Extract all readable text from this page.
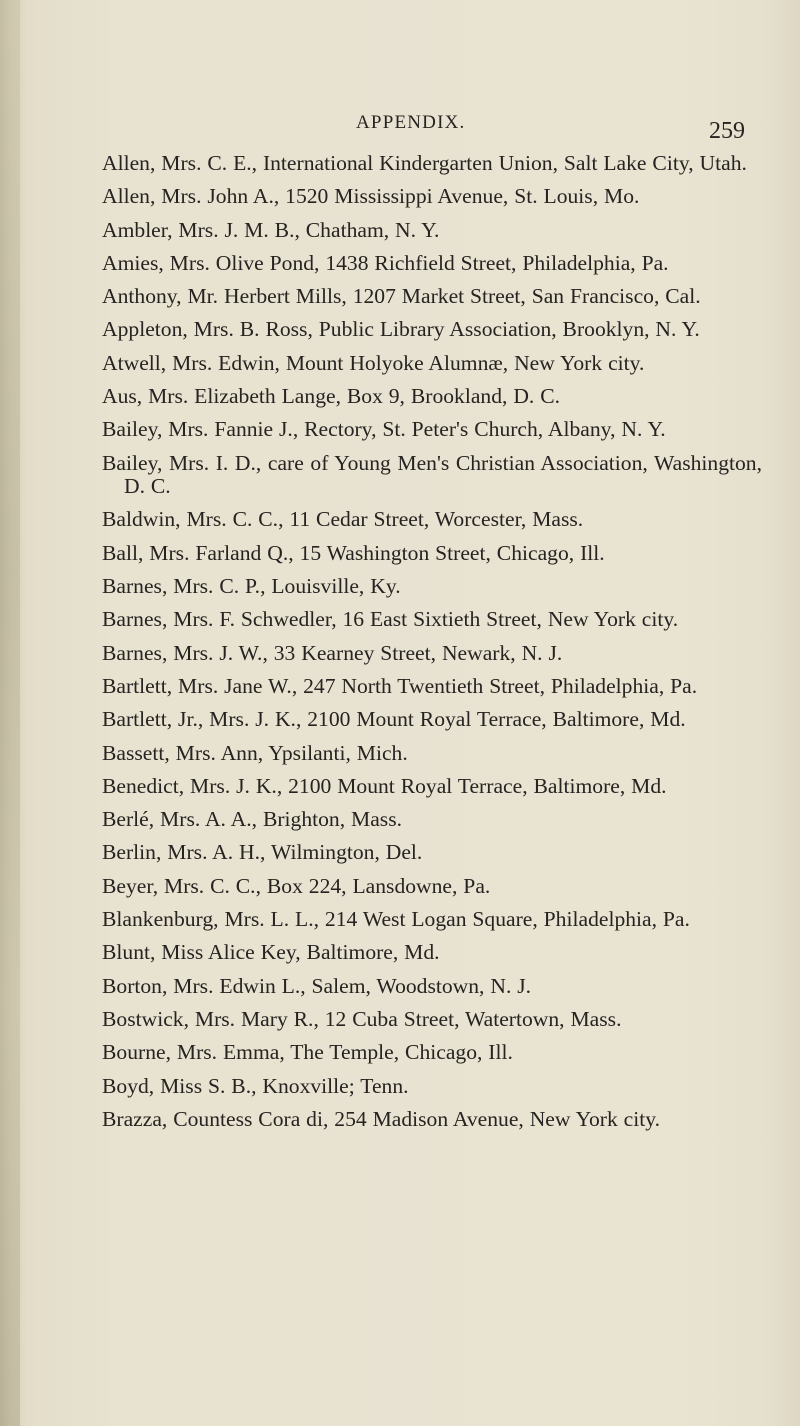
APPENDIX.	259
Allen, Mrs. C. E., International Kindergarten Union, Salt Lake City, Utah.
Allen, Mrs. John A., 1520 Mississippi Avenue, St. Louis, Mo.
Ambler, Mrs. J. M. B., Chatham, N. Y.
Amies, Mrs. Olive Pond, 1438 Richfield Street, Philadelphia, Pa.
Anthony, Mr. Herbert Mills, 1207 Market Street, San Francisco, Cal.
Appleton, Mrs. B. Ross, Public Library Association, Brooklyn, N. Y.
Atwell, Mrs. Edwin, Mount Holyoke Alumnæ, New York city.
Aus, Mrs. Elizabeth Lange, Box 9, Brookland, D. C.
Bailey, Mrs. Fannie J., Rectory, St. Peter's Church, Albany, N. Y.
Bailey, Mrs. I. D., care of Young Men's Christian Association, Washington, D. C.
Baldwin, Mrs. C. C., 11 Cedar Street, Worcester, Mass.
Ball, Mrs. Farland Q., 15 Washington Street, Chicago, Ill.
Barnes, Mrs. C. P., Louisville, Ky.
Barnes, Mrs. F. Schwedler, 16 East Sixtieth Street, New York city.
Barnes, Mrs. J. W., 33 Kearney Street, Newark, N. J.
Bartlett, Mrs. Jane W., 247 North Twentieth Street, Philadelphia, Pa.
Bartlett, Jr., Mrs. J. K., 2100 Mount Royal Terrace, Baltimore, Md.
Bassett, Mrs. Ann, Ypsilanti, Mich.
Benedict, Mrs. J. K., 2100 Mount Royal Terrace, Baltimore, Md.
Berlé, Mrs. A. A., Brighton, Mass.
Berlin, Mrs. A. H., Wilmington, Del.
Beyer, Mrs. C. C., Box 224, Lansdowne, Pa.
Blankenburg, Mrs. L. L., 214 West Logan Square, Philadelphia, Pa.
Blunt, Miss Alice Key, Baltimore, Md.
Borton, Mrs. Edwin L., Salem, Woodstown, N. J.
Bostwick, Mrs. Mary R., 12 Cuba Street, Watertown, Mass.
Bourne, Mrs. Emma, The Temple, Chicago, Ill.
Boyd, Miss S. B., Knoxville; Tenn.
Brazza, Countess Cora di, 254 Madison Avenue, New York city.
